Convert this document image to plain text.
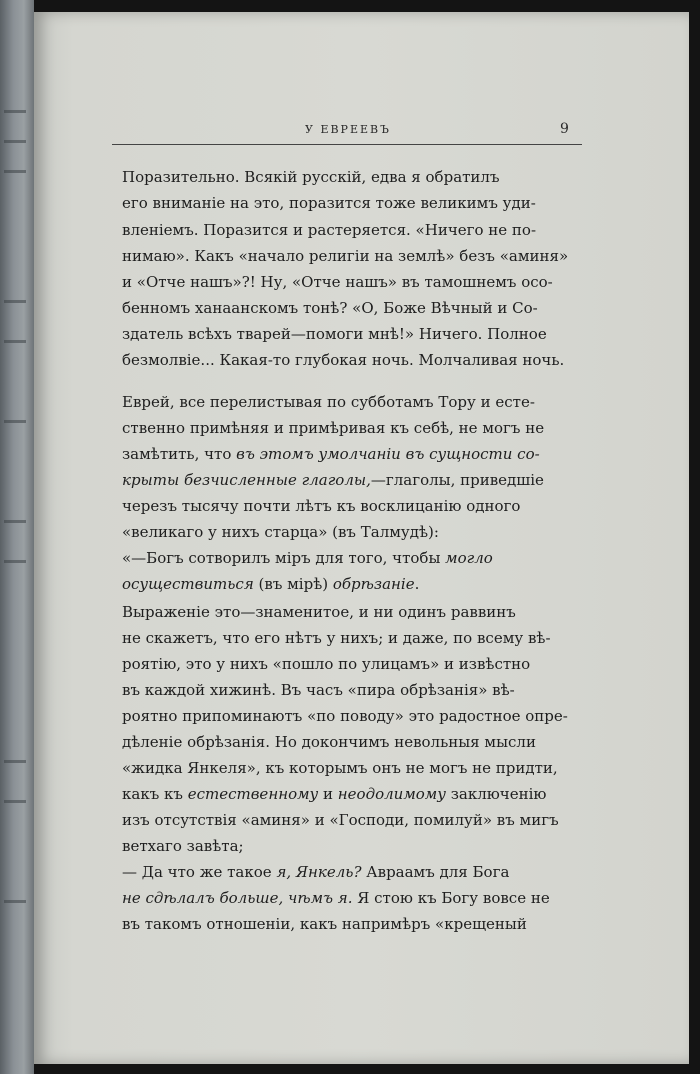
У ЕВРЕЕВЪ	9
Поразительно. Всякій русскій, едва я обратилъ
его вниманіе на это, поразится тоже великимъ уди-
вленіемъ. Поразится и растеряется. «Ничего не по-
нимаю». Какъ «начало религіи на землѣ» безъ «аминя»
и «Отче нашъ»?! Ну, «Отче нашъ» въ тамошнемъ осо-
бенномъ ханаанскомъ тонѣ? «О, Боже Вѣчный и Со-
здатель всѣхъ тварей—помоги мнѣ!» Ничего. Полное
безмолвіе... Какая-то глубокая ночь. Молчаливая ночь.
Еврей, все перелистывая по субботамъ Тору и есте-
ственно примѣняя и примѣривая къ себѣ, не могъ не
замѣтить, что въ этомъ умолчаніи въ сущности со-
крыты безчисленные глаголы,—глаголы, приведшіе
черезъ тысячу почти лѣтъ къ восклицанію одного
«великаго у нихъ старца» (въ Талмудѣ):
«—Богъ сотворилъ міръ для того, чтобы могло
осуществиться (въ мірѣ) обрѣзаніе.
Выраженіе это—знаменитое, и ни одинъ раввинъ
не скажетъ, что его нѣтъ у нихъ; и даже, по всему вѣ-
роятію, это у нихъ «пошло по улицамъ» и извѣстно
въ каждой хижинѣ. Въ часъ «пира обрѣзанія» вѣ-
роятно припоминаютъ «по поводу» это радостное опре-
дѣленіе обрѣзанія. Но докончимъ невольныя мысли
«жидка Янкеля», къ которымъ онъ не могъ не придти,
какъ къ естественному и неодолимому заключенію
изъ отсутствія «аминя» и «Господи, помилуй» въ мигъ
ветхаго завѣта;
— Да что же такое я, Янкель? Авраамъ для Бога
не сдѣлалъ больше, чѣмъ я. Я стою къ Богу вовсе не
въ такомъ отношеніи, какъ напримѣръ «крещеный
